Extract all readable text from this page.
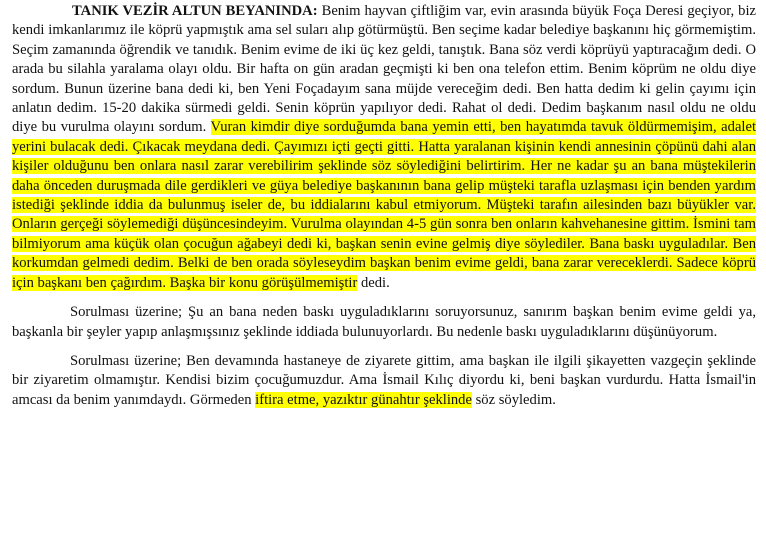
TANIK VEZİR ALTUN BEYANINDA: Benim hayvan çiftliğim var, evin arasında büyük Foça Deresi geçiyor, biz kendi imkanlarımız ile köprü yapmıştık ama sel suları alıp götürmüştü. Ben seçime kadar belediye başkanını hiç görmemiştim. Seçim zamanında öğrendik ve tanıdık. Benim evime de iki üç kez geldi, tanıştık. Bana söz verdi köprüyü yaptıracağım dedi. O arada bu silahla yaralama olayı oldu. Bir hafta on gün aradan geçmişti ki ben ona telefon ettim. Benim köprüm ne oldu diye sordum. Bunun üzerine bana dedi ki, ben Yeni Foçadayım sana müjde vereceğim dedi. Ben hatta dedim ki gelin çayımı için anlatın dedim. 15-20 dakika sürmedi geldi. Senin köprün yapılıyor dedi. Rahat ol dedi. Dedim başkanım nasıl oldu ne oldu diye bu vurulma olayını sordum. Vuran kimdir diye sorduğumda bana yemin etti, ben hayatımda tavuk öldürmemişim, adalet yerini bulacak dedi. Çıkacak meydana dedi. Çayımızı içti geçti gitti. Hatta yaralanan kişinin kendi annesinin çöpünü dahi alan kişiler olduğunu ben onlara nasıl zarar verebilirim şeklinde söz söylediğini belirtirim. Her ne kadar şu an bana müştekilerin daha önceden duruşmada dile gerdikleri ve güya belediye başkanının bana gelip müşteki tarafla uzlaşması için benden yardım istediği şeklinde iddia da bulunmuş iseler de, bu iddialarını kabul etmiyorum. Müşteki tarafın ailesinden bazı büyükler var. Onların gerçeği söylemediği düşüncesindeyim. Vurulma olayından 4-5 gün sonra ben onların kahvehanesine gittim. İsmini tam bilmiyorum ama küçük olan çocuğun ağabeyi dedi ki, başkan senin evine gelmiş diye söylediler. Bana baskı uyguladılar. Ben korkumdan gelmedi dedim. Belki de ben orada söyleseydim başkan benim evime geldi, bana zarar vereceklerdi. Sadece köprü için başkanı ben çağırdım. Başka bir konu görüşülmemiştir dedi.

Sorulması üzerine; Şu an bana neden baskı uyguladıklarını soruyorsunuz, sanırım başkan benim evime geldi ya, başkanla bir şeyler yapıp anlaşmışsınız şeklinde iddiada bulunuyorlardı. Bu nedenle baskı uyguladıklarını düşünüyorum.

Sorulması üzerine; Ben devamında hastaneye de ziyarete gittim, ama başkan ile ilgili şikayetten vazgeçin şeklinde bir ziyaretim olmamıştır. Kendisi bizim çocuğumuzdur. Ama İsmail Kılıç diyordu ki, beni başkan vurdurdu. Hatta İsmail'in amcası da benim yanımdaydı. Görmeden iftira etme, yazıktır günahtır şeklinde söz söyledim.
